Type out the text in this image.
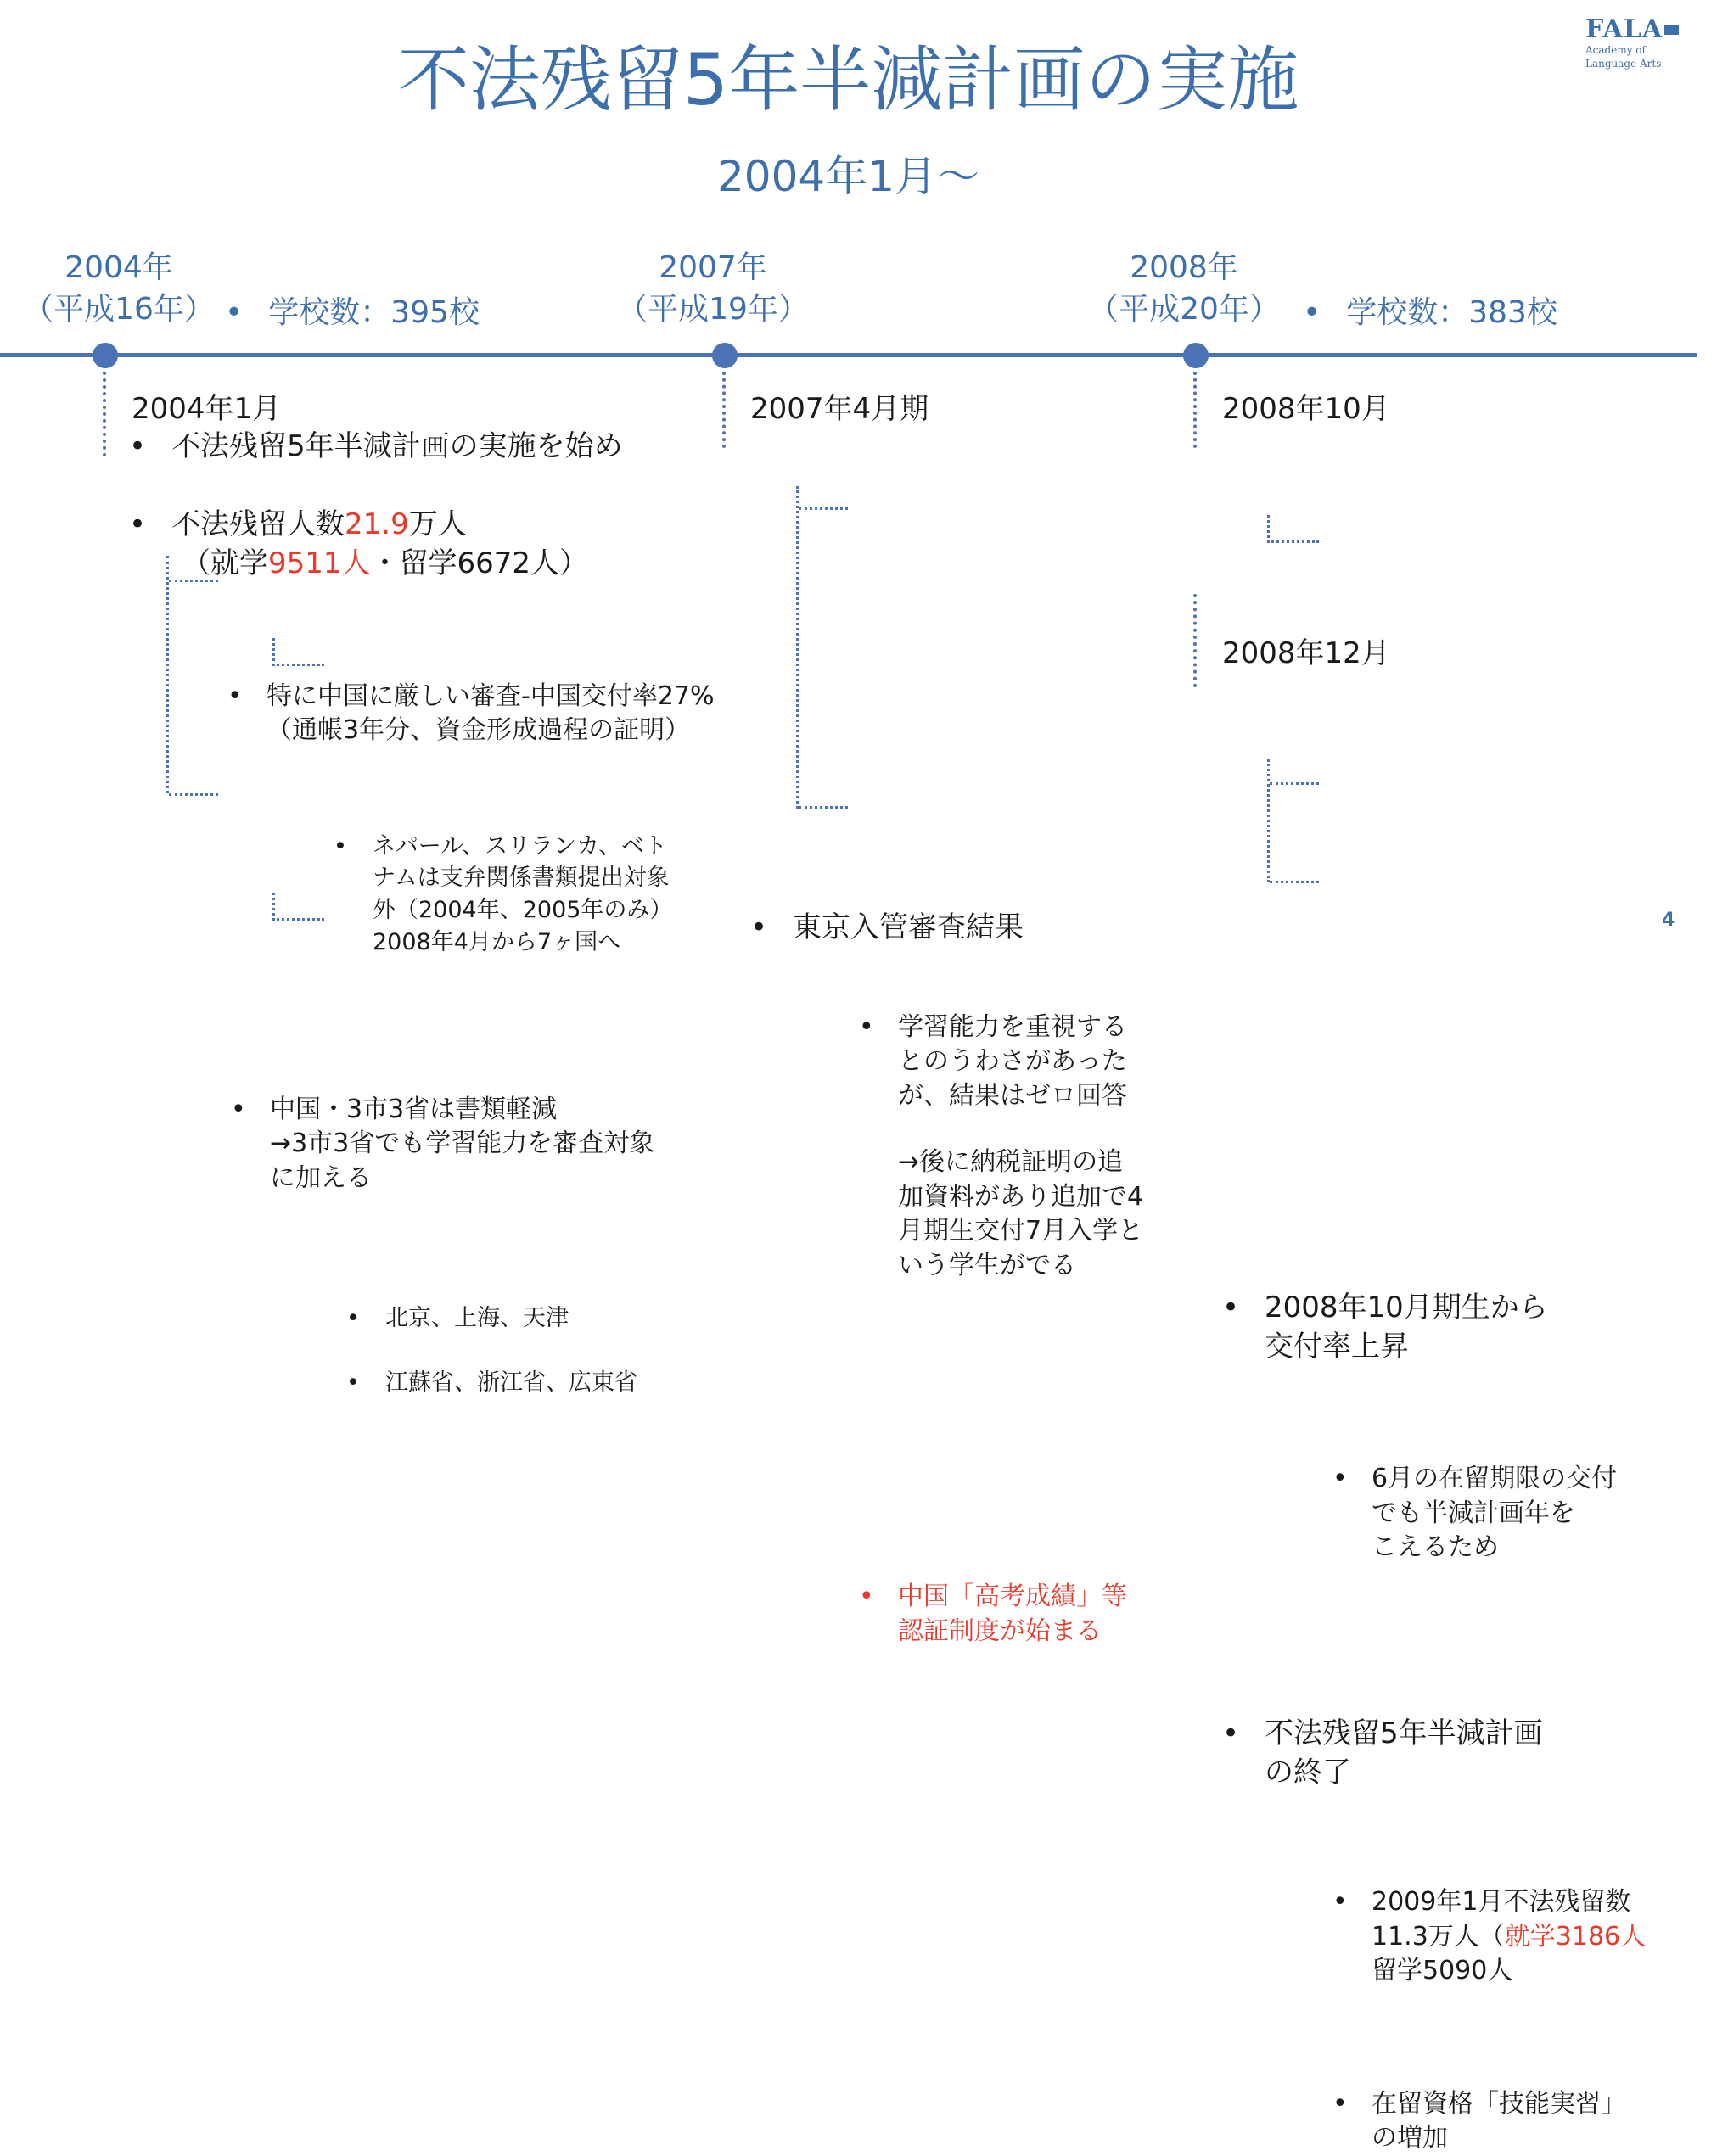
不法残留5年半減計画の実施
2004年1月～
FALA
Academy of
Language Arts
2004年
（平成16年） • 学校数：395校
2007年
（平成19年）
2008年
（平成20年） • 学校数：383校
2004年1月
• 不法残留5年半減計画の実施を始め
• 不法残留人数21.9万人
（就学9511人・留学6672人）
• 特に中国に厳しい審査-中国交付率27%
（通帳3年分、資金形成過程の証明）
• ネパール、スリランカ、ベト
ナムは支弁関係書類提出対象
外（2004年、2005年のみ）
2008年4月から7ヶ国へ
• 中国・3市3省は書類軽減
→3市3省でも学習能力を審査対象
に加える
• 北京、上海、天津
• 江蘇省、浙江省、広東省
2007年4月期
• 東京入管審査結果
• 学習能力を重視する
とのうわさがあった
が、結果はゼロ回答
→後に納税証明の追
加資料があり追加で4
月期生交付7月入学と
いう学生がでる
• 中国「高考成績」等
認証制度が始まる
2008年10月
• 2008年10月期生から
交付率上昇
• 6月の在留期限の交付
でも半減計画年を
こえるため
2008年12月
• 不法残留5年半減計画
の終了
• 2009年1月不法残留数
11.3万人（就学3186人
留学5090人
• 在留資格「技能実習」
の増加
4
